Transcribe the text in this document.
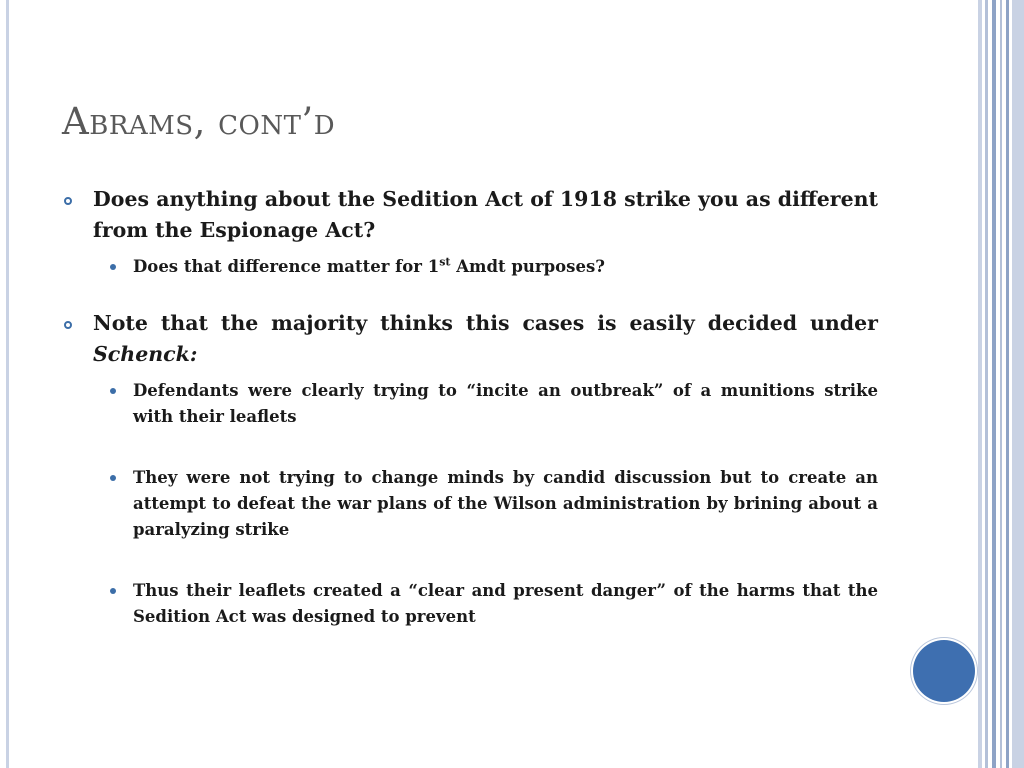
Abrams, cont’d
Does anything about the Sedition Act of 1918 strike you as different from the Espionage Act?
Does that difference matter for 1st Amdt purposes?
Note that the majority thinks this cases is easily decided under Schenck:
Defendants were clearly trying to “incite an outbreak” of a munitions strike with their leaflets
They were not trying to change minds by candid discussion but to create an attempt to defeat the war plans of the Wilson administration by brining about a paralyzing strike
Thus their leaflets created a “clear and present danger” of the harms that the Sedition Act was designed to prevent
